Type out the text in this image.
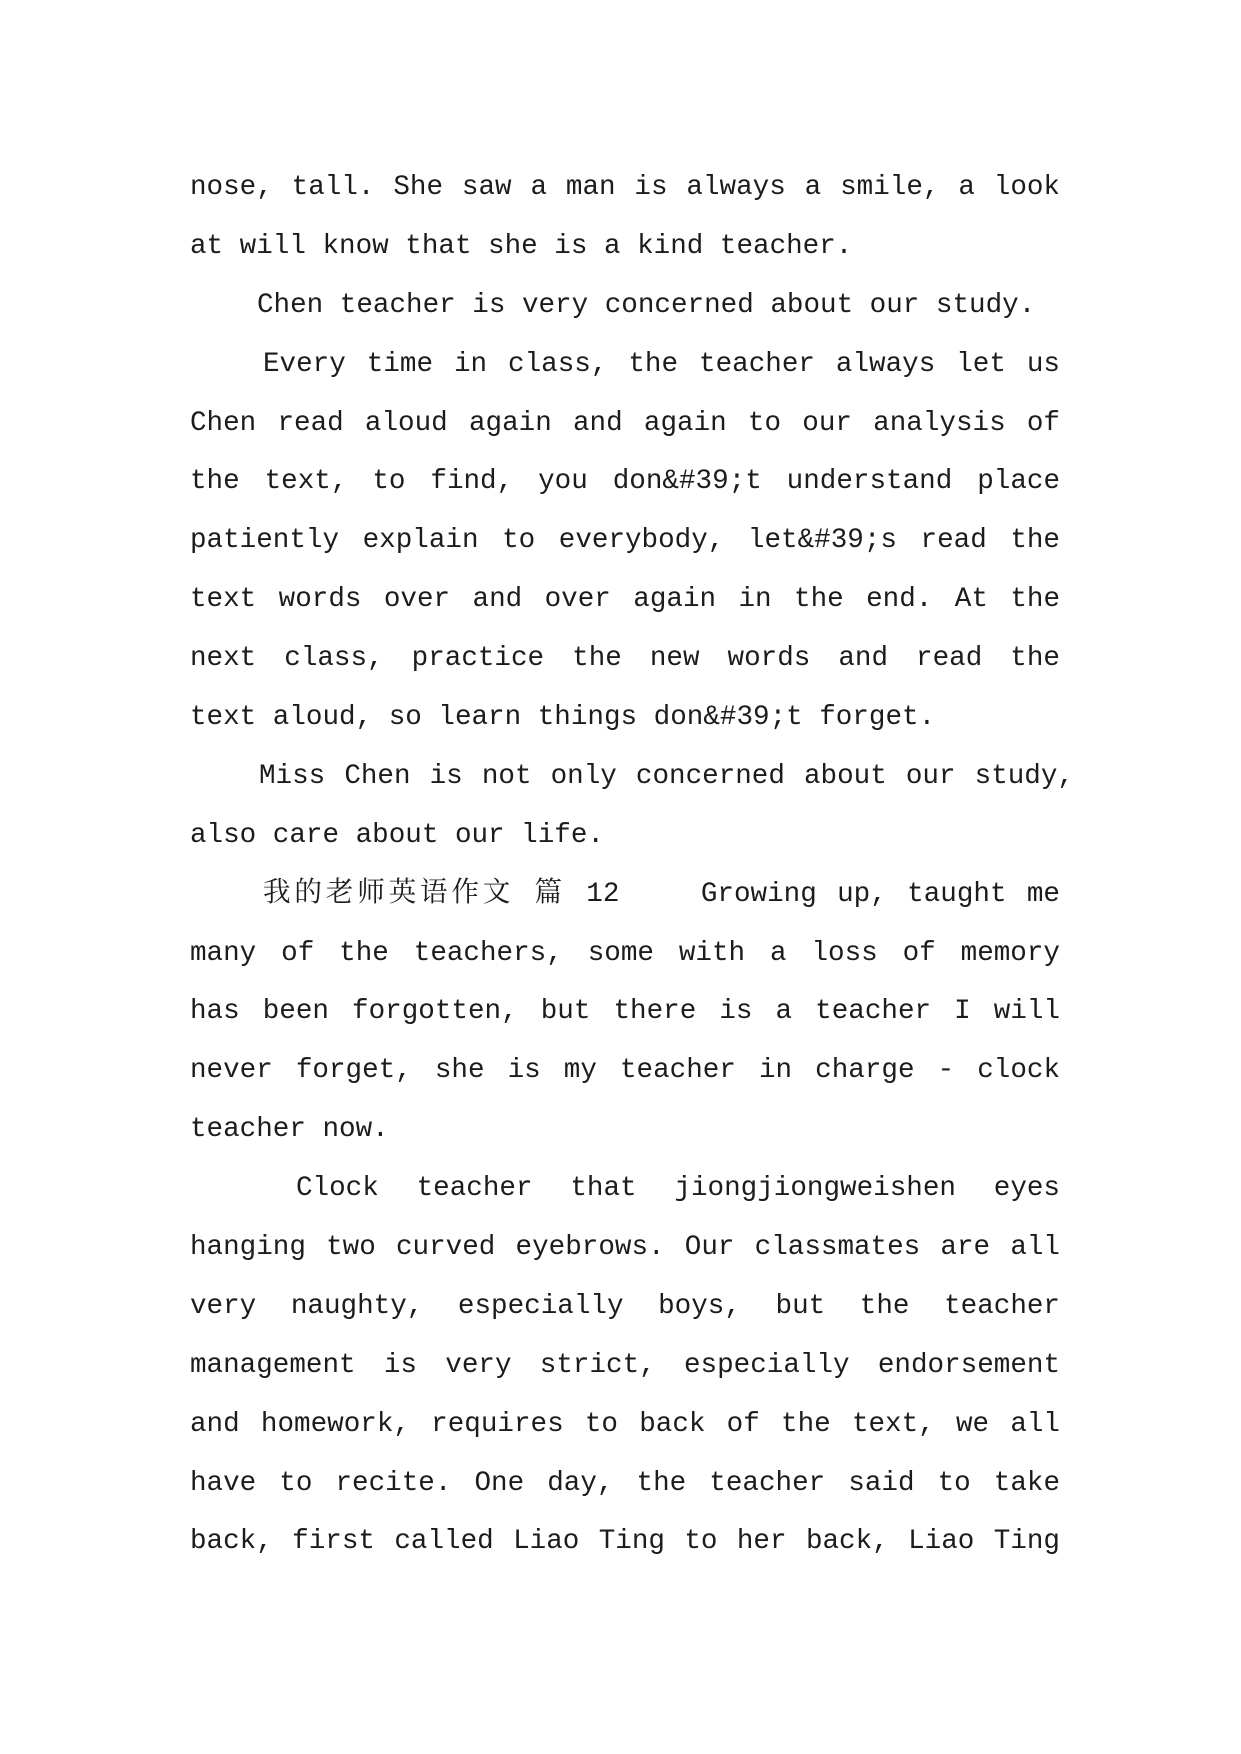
nose, tall. She saw a man is always a smile, a look
at will know that she is a kind teacher.
Chen teacher is very concerned about our study.
Every time in class, the teacher always let us
Chen read aloud again and again to our analysis of
the text, to find, you don&#39;t understand place
patiently explain to everybody, let&#39;s read the
text words over and over again in the end. At the
next class, practice the new words and read the
text aloud, so learn things don&#39;t forget.
Miss Chen is not only concerned about our study,
also care about our life.
我的老师英语作文 篇 12    Growing up, taught me
many of the teachers, some with a loss of memory
has been forgotten, but there is a teacher I will
never forget, she is my teacher in charge - clock
teacher now.
Clock teacher that jiongjiongweishen eyes
hanging two curved eyebrows. Our classmates are all
very naughty, especially boys, but the teacher
management is very strict, especially endorsement
and homework, requires to back of the text, we all
have to recite. One day, the teacher said to take
back, first called Liao Ting to her back, Liao Ting
